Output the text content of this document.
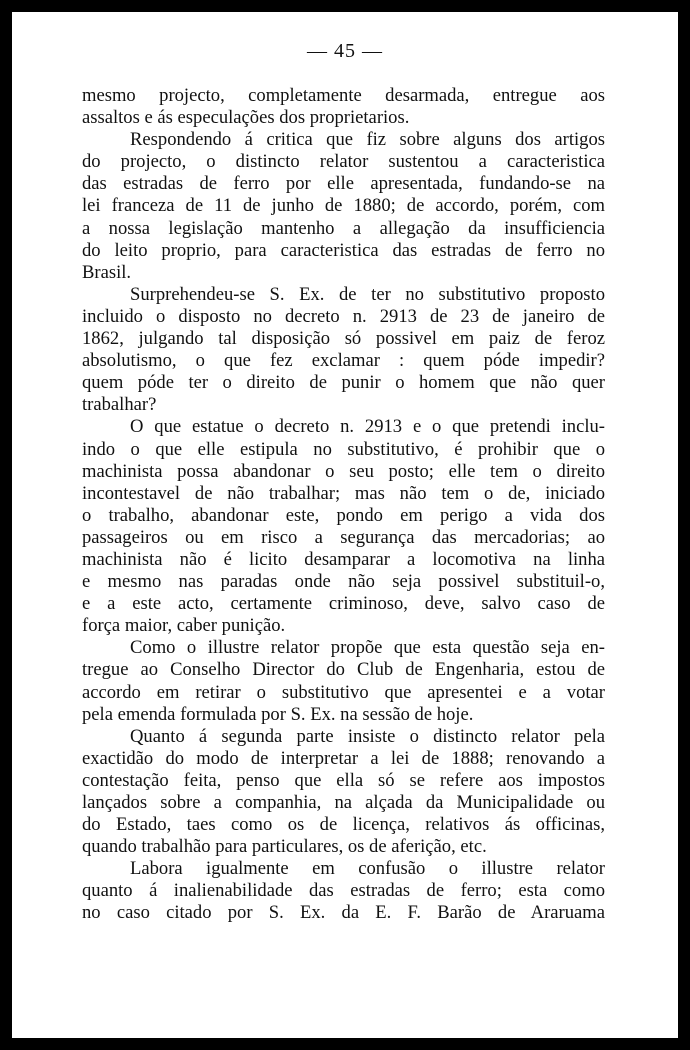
— 45 —
mesmo projecto, completamente desarmada, entregue aos
assaltos e ás especulações dos proprietarios.
Respondendo á critica que fiz sobre alguns dos artigos
do projecto, o distincto relator sustentou a caracteristica
das estradas de ferro por elle apresentada, fundando-se na
lei franceza de 11 de junho de 1880; de accordo, porém, com
a nossa legislação mantenho a allegação da insufficiencia
do leito proprio, para caracteristica das estradas de ferro no
Brasil.
Surprehendeu-se S. Ex. de ter no substitutivo proposto
incluido o disposto no decreto n. 2913 de 23 de janeiro de
1862, julgando tal disposição só possivel em paiz de feroz
absolutismo, o que fez exclamar : quem póde impedir?
quem póde ter o direito de punir o homem que não quer
trabalhar?
O que estatue o decreto n. 2913 e o que pretendi inclu-
indo o que elle estipula no substitutivo, é prohibir que o
machinista possa abandonar o seu posto; elle tem o direito
incontestavel de não trabalhar; mas não tem o de, iniciado
o trabalho, abandonar este, pondo em perigo a vida dos
passageiros ou em risco a segurança das mercadorias; ao
machinista não é licito desamparar a locomotiva na linha
e mesmo nas paradas onde não seja possivel substituil-o,
e a este acto, certamente criminoso, deve, salvo caso de
força maior, caber punição.
Como o illustre relator propõe que esta questão seja en-
tregue ao Conselho Director do Club de Engenharia, estou de
accordo em retirar o substitutivo que apresentei e a votar
pela emenda formulada por S. Ex. na sessão de hoje.
Quanto á segunda parte insiste o distincto relator pela
exactidão do modo de interpretar a lei de 1888; renovando a
contestação feita, penso que ella só se refere aos impostos
lançados sobre a companhia, na alçada da Municipalidade ou
do Estado, taes como os de licença, relativos ás officinas,
quando trabalhão para particulares, os de aferição, etc.
Labora igualmente em confusão o illustre relator
quanto á inalienabilidade das estradas de ferro; esta como
no caso citado por S. Ex. da E. F. Barão de Araruama
